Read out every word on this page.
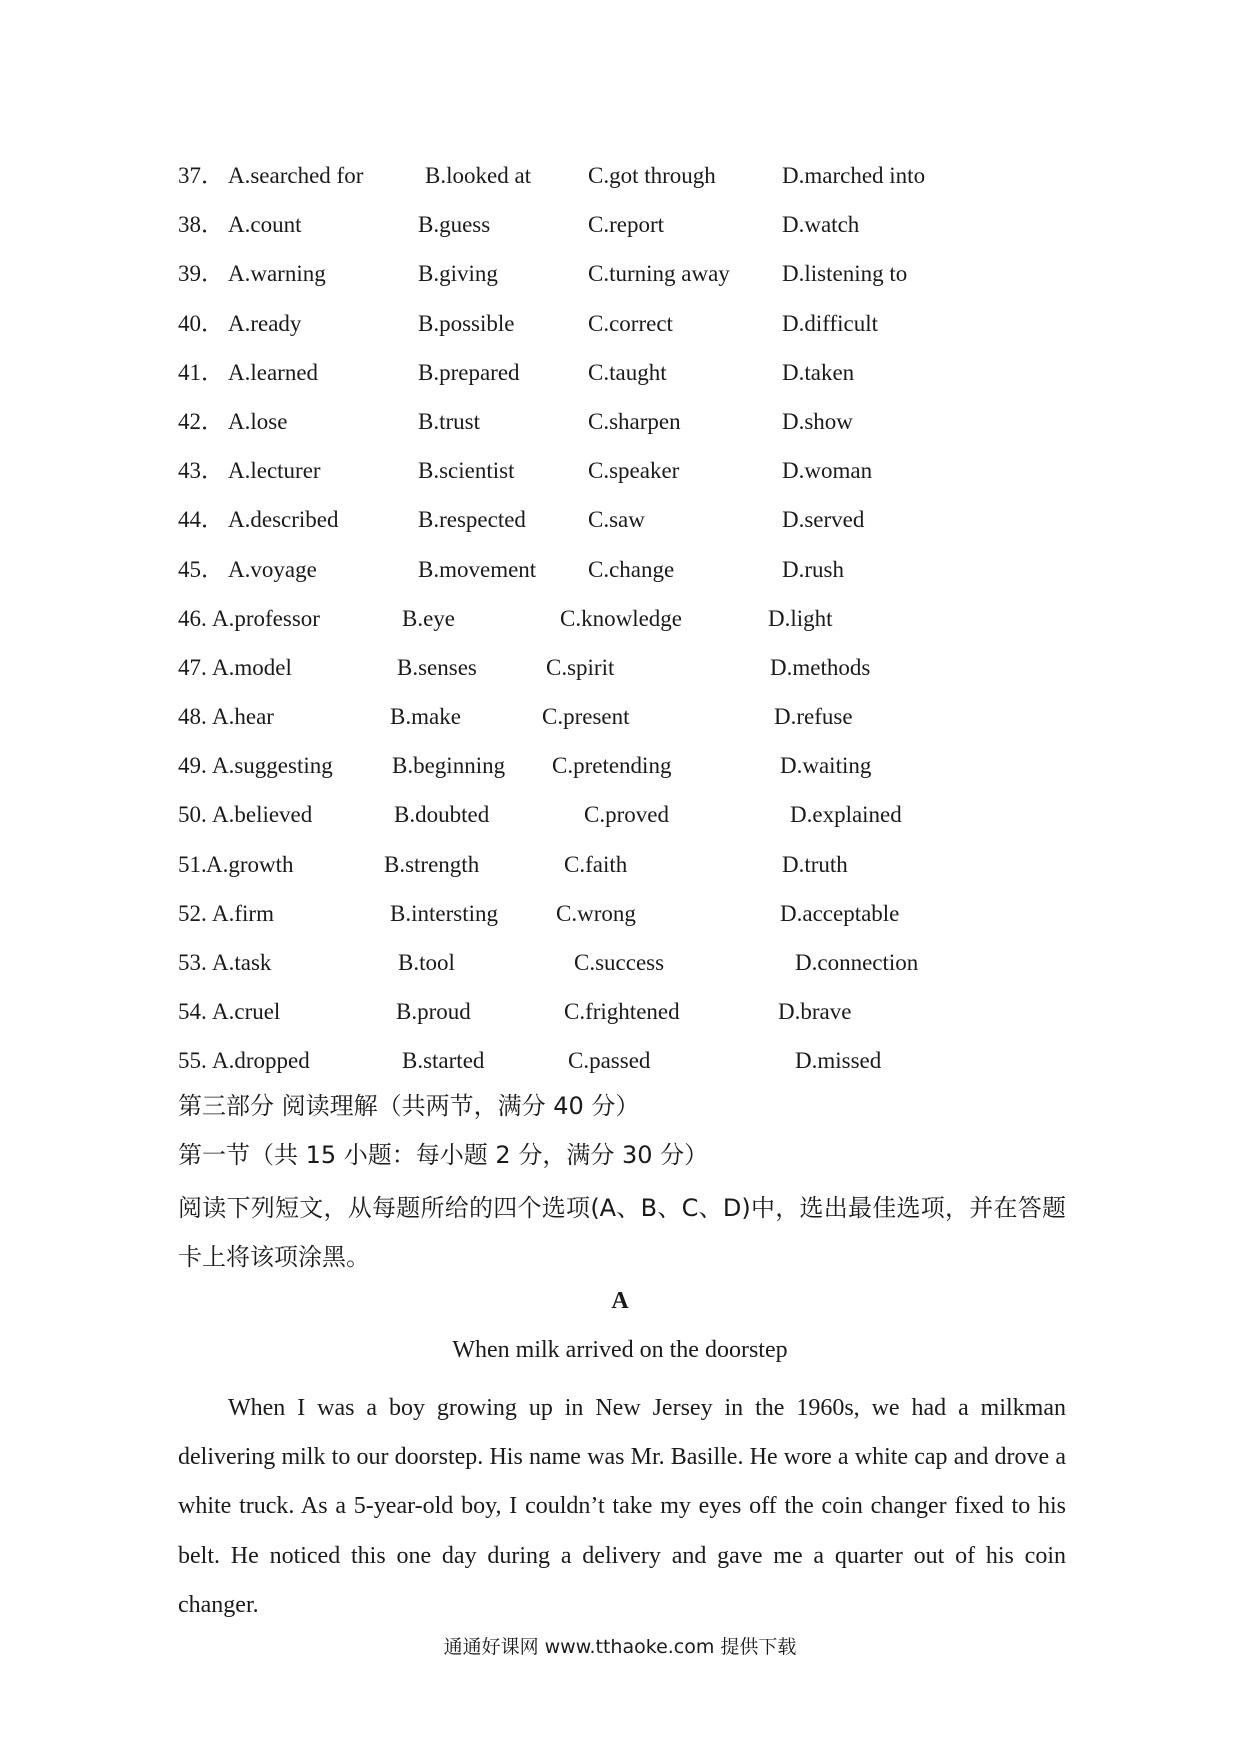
37． A.searched for	B.looked at C.got through	D.marched into
38． A.count	B.guess	C.report	D.watch
39． A.warning	B.giving	C.turning away D.listening to
40． A.ready	B.possible	C.correct	D.difficult
41． A.learned	B.prepared	C.taught	D.taken
42． A.lose	B.trust	C.sharpen	D.show
43． A.lecturer	B.scientist	C.speaker	D.woman
44． A.described	B.respected	C.saw	D.served
45． A.voyage	B.movement C.change	D.rush
46. A.professor	B.eye	C.knowledge	D.light
47. A.model	B.senses	C.spirit	D.methods
48. A.hear	B.make	C.present	D.refuse
49. A.suggesting	B.beginning C.pretending	D.waiting
50. A.believed	B.doubted	C.proved	D.explained
51. A.growth	B.strength	C.faith	D.truth
52. A.firm	B.intersting	C.wrong	D.acceptable
53. A.task	B.tool	C.success	D.connection
54. A.cruel	B.proud	C.frightened	D.brave
55. A.dropped	B.started	C.passed	D.missed
第三部分 阅读理解（共两节，满分 40 分）
第一节（共 15 小题：每小题 2 分，满分 30 分）
阅读下列短文，从每题所给的四个选项(A、B、C、D)中，选出最佳选项，并在答题卡上将该项涂黑。
A
When milk arrived on the doorstep

When I was a boy growing up in New Jersey in the 1960s, we had a milkman delivering milk to our doorstep. His name was Mr. Basille. He wore a white cap and drove a white truck. As a 5-year-old boy, I couldn’t take my eyes off the coin changer fixed to his belt. He noticed this one day during a delivery and gave me a quarter out of his coin changer.

通通好课网 www.tthaoke.com 提供下载
